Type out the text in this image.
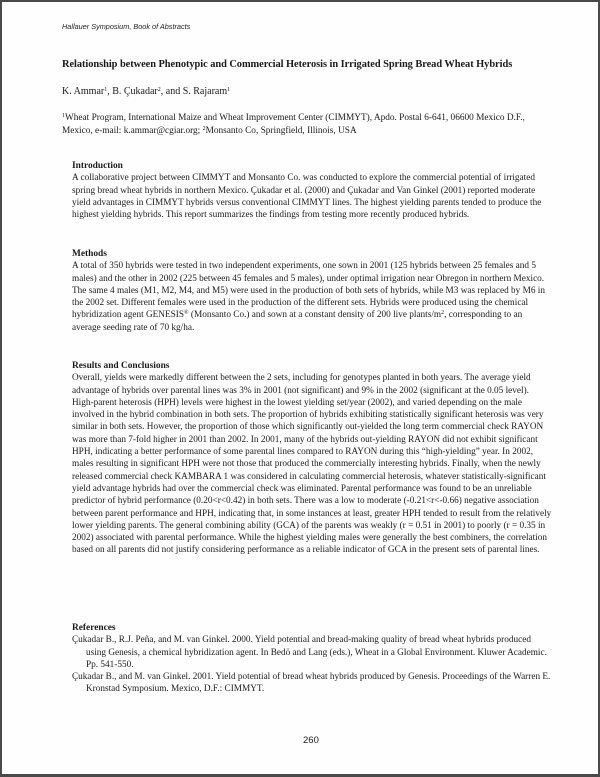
Hallauer Symposium, Book of Abstracts
Relationship between Phenotypic and Commercial Heterosis in Irrigated Spring Bread Wheat Hybrids
K. Ammar$^1$, B. Çukadar$^2$, and S. Rajaram$^1$
$^1$Wheat Program, International Maize and Wheat Improvement Center (CIMMYT), Apdo. Postal 6-641, 06600 Mexico D.F., Mexico, e-mail: k.ammar@cgiar.org; $^2$Monsanto Co, Springfield, Illinois, USA
Introduction

A collaborative project between CIMMYT and Monsanto Co. was conducted to explore the commercial potential of irrigated spring bread wheat hybrids in northern Mexico. Çukadar et al. (2000) and Çukadar and Van Ginkel (2001) reported moderate yield advantages in CIMMYT hybrids versus conventional CIMMYT lines. The highest yielding parents tended to produce the highest yielding hybrids. This report summarizes the findings from testing more recently produced hybrids.

Methods

A total of 350 hybrids were tested in two independent experiments, one sown in 2001 (125 hybrids between 25 females and 5 males) and the other in 2002 (225 between 45 females and 5 males), under optimal irrigation near Obregon in northern Mexico. The same 4 males (M1, M2, M4, and M5) were used in the production of both sets of hybrids, while M3 was replaced by M6 in the 2002 set. Different females were used in the production of the different sets. Hybrids were produced using the chemical hybridization agent GENESIS® (Monsanto Co.) and sown at a constant density of 200 live plants/$m^2$, corresponding to an average seeding rate of 70 kg/ha.

Results and Conclusions

Overall, yields were markedly different between the 2 sets, including for genotypes planted in both years. The average yield advantage of hybrids over parental lines was 3% in 2001 (not significant) and 9% in the 2002 (significant at the 0.05 level). High-parent heterosis (HPH) levels were highest in the lowest yielding set/year (2002), and varied depending on the male involved in the hybrid combination in both sets. The proportion of hybrids exhibiting statistically significant heterosis was very similar in both sets. However, the proportion of those which significantly out-yielded the long term commercial check RAYON was more than 7-fold higher in 2001 than 2002. In 2001, many of the hybrids out-yielding RAYON did not exhibit significant HPH, indicating a better performance of some parental lines compared to RAYON during this “high-yielding” year. In 2002, males resulting in significant HPH were not those that produced the commercially interesting hybrids. Finally, when the newly released commercial check KAMBARA 1 was considered in calculating commercial heterosis, whatever statistically-significant yield advantage hybrids had over the commercial check was eliminated. Parental performance was found to be an unreliable predictor of hybrid performance (0.20<r<0.42) in both sets. There was a low to moderate (-0.21<r<-0.66) negative association between parent performance and HPH, indicating that, in some instances at least, greater HPH tended to result from the relatively lower yielding parents. The general combining ability (GCA) of the parents was weakly (r = 0.51 in 2001) to poorly (r = 0.35 in 2002) associated with parental performance. While the highest yielding males were generally the best combiners, the correlation based on all parents did not justify considering performance as a reliable indicator of GCA in the present sets of parental lines.

References

Çukadar B., R.J. Peña, and M. van Ginkel. 2000. Yield potential and bread-making quality of bread wheat hybrids produced using Genesis, a chemical hybridization agent. In Bedö and Lang (eds.), Wheat in a Global Environment. Kluwer Academic. Pp. 541-550.

Çukadar B., and M. van Ginkel. 2001. Yield potential of bread wheat hybrids produced by Genesis. Proceedings of the Warren E. Kronstad Symposium. Mexico, D.F.: CIMMYT.

260
